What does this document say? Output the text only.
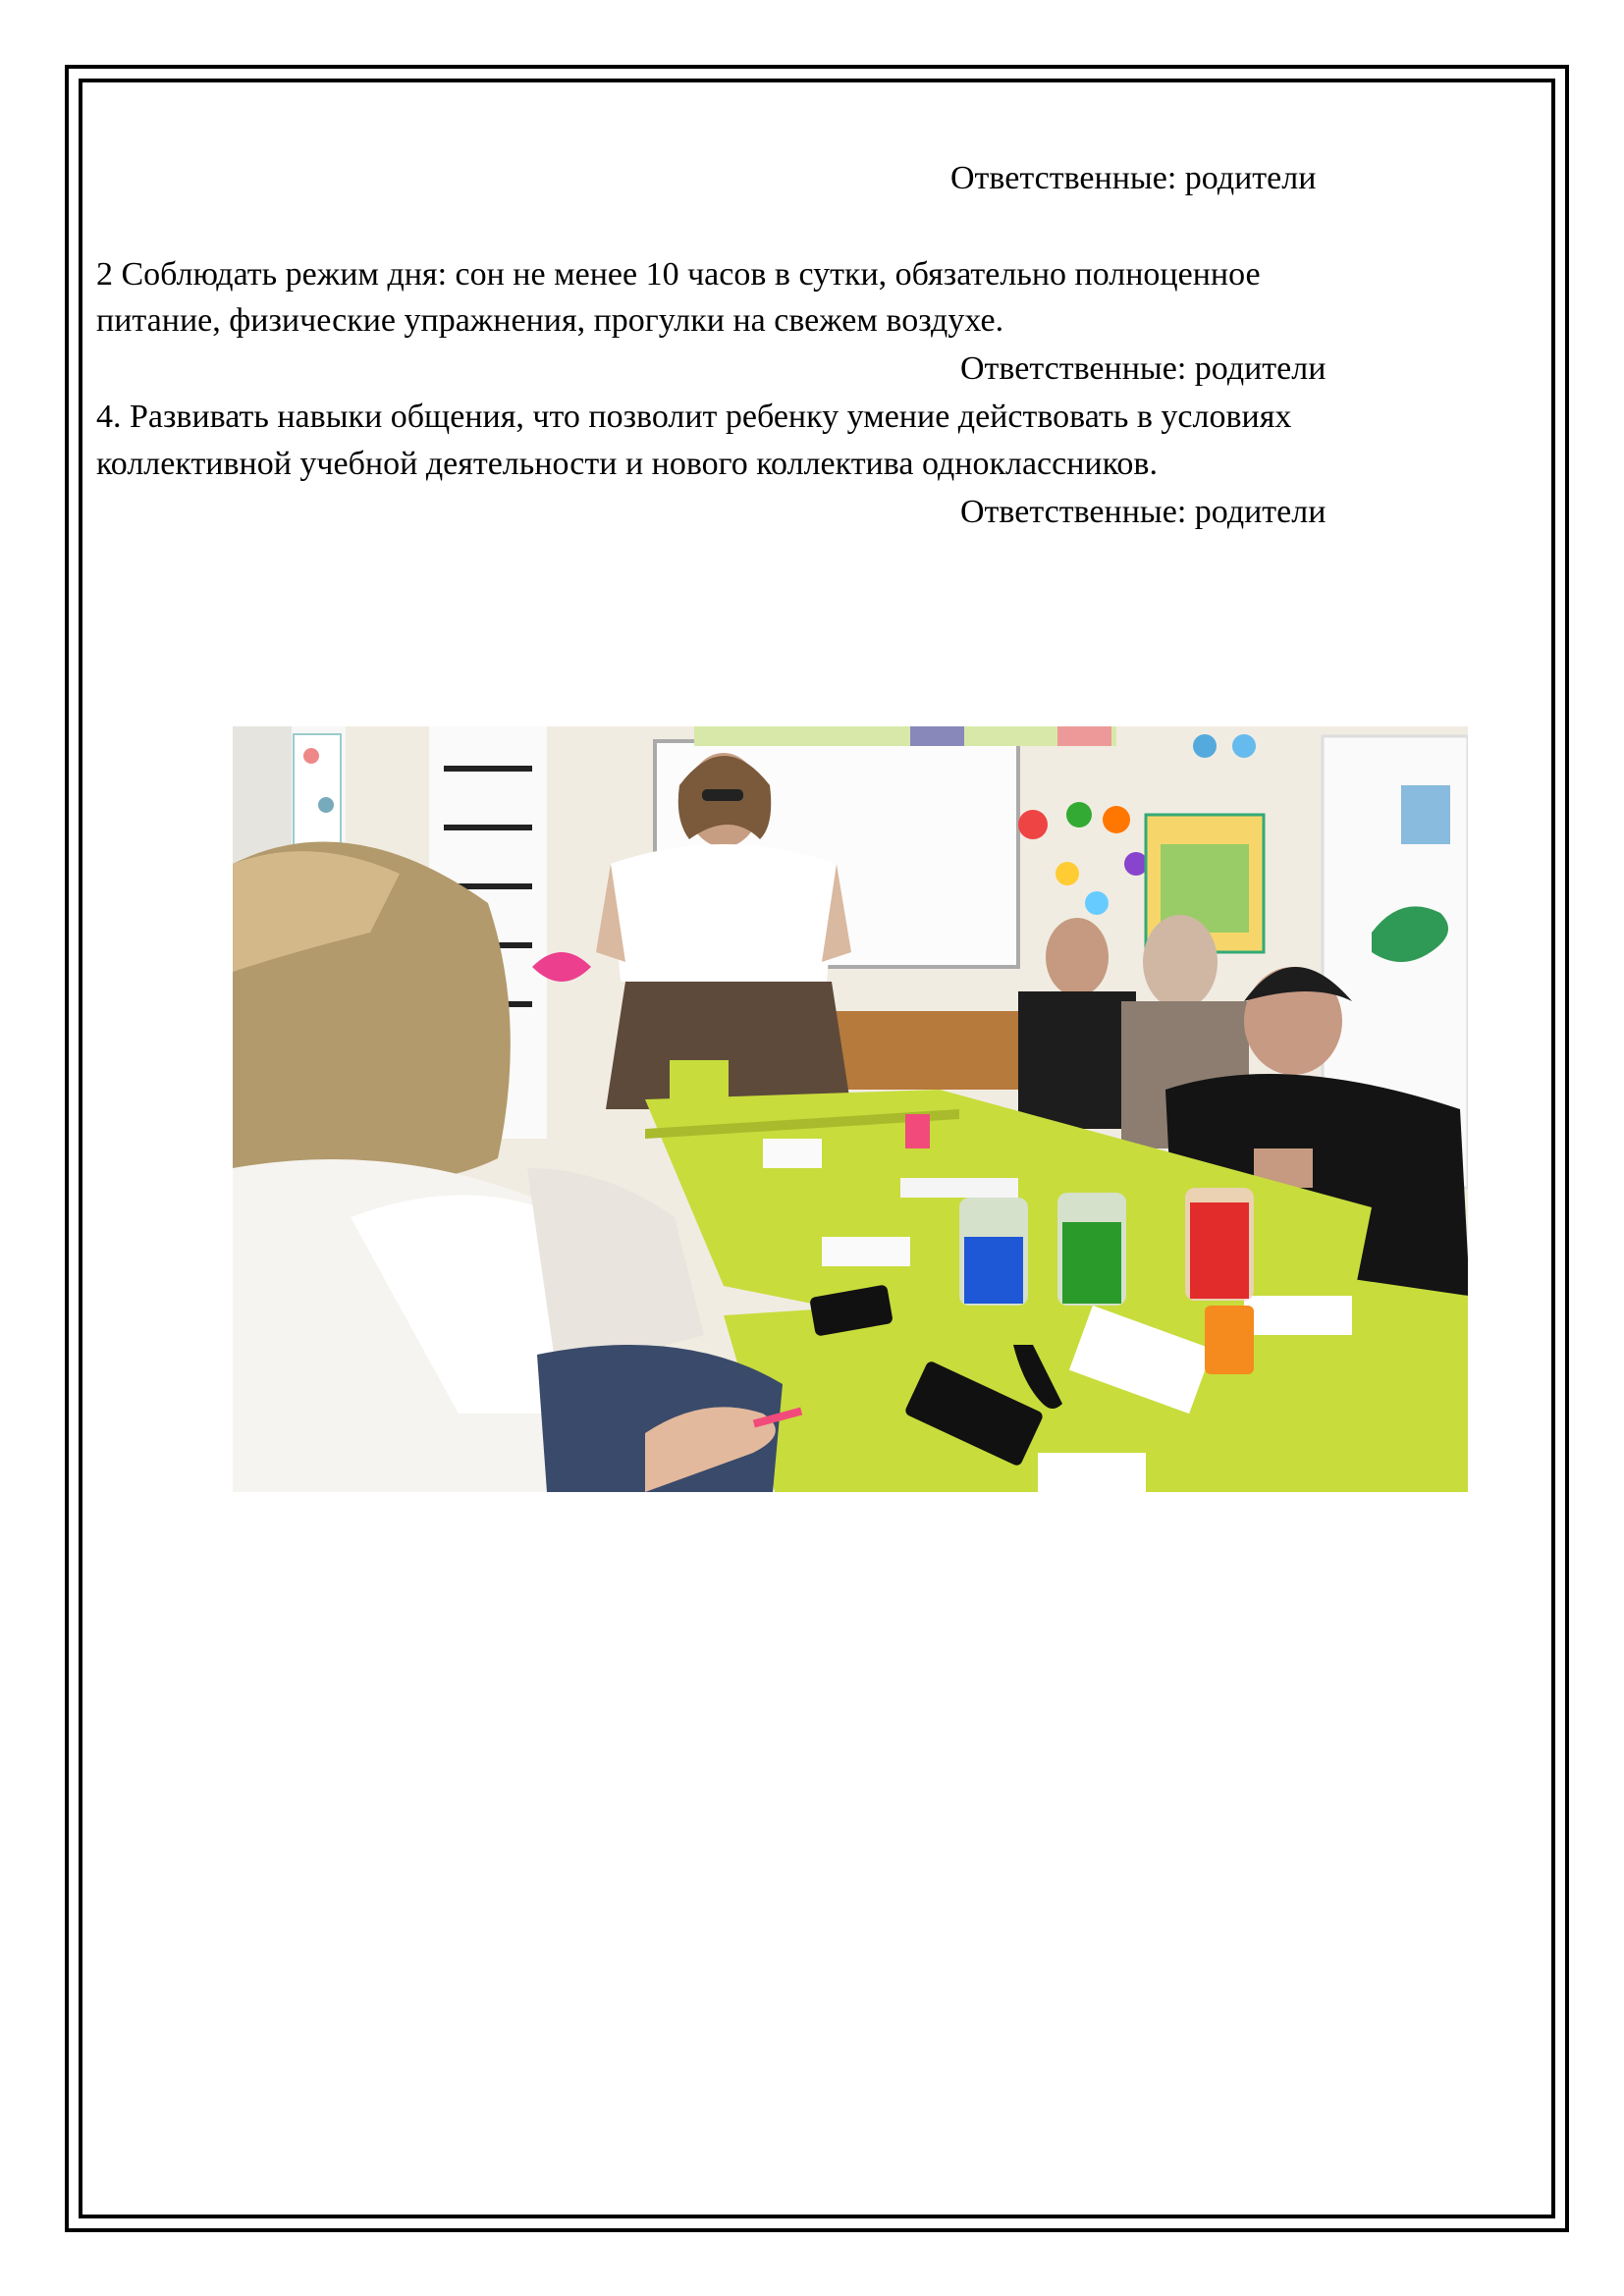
Ответственные: родители
2 Соблюдать режим дня: сон не менее 10 часов в сутки, обязательно полноценное
питание, физические упражнения, прогулки на свежем воздухе.
Ответственные: родители
4. Развивать навыки общения, что позволит ребенку умение действовать в условиях
коллективной учебной деятельности и нового коллектива одноклассников.
Ответственные: родители
